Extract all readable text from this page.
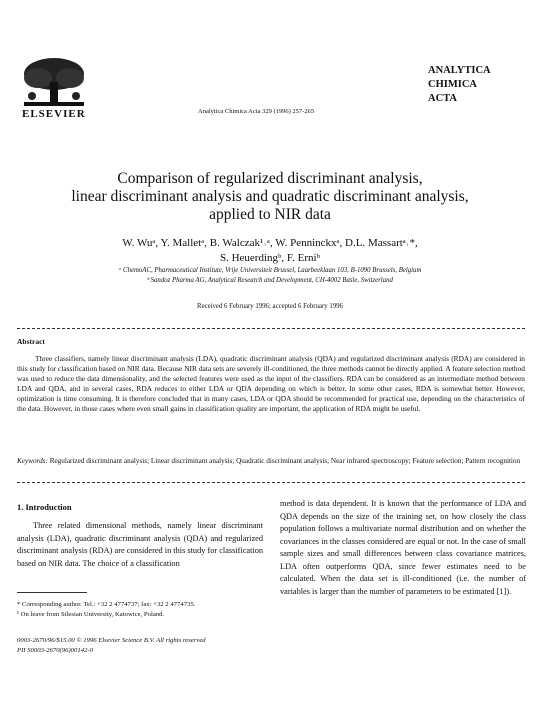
ELSEVIER	Analytica Chimica Acta 329 (1996) 257-265
ANALYTICA
CHIMICA
ACTA
Comparison of regularized discriminant analysis,
linear discriminant analysis and quadratic discriminant analysis,
applied to NIR data
W. Wuᵃ, Y. Malletᵃ, B. Walczak¹˒ᵃ, W. Penninckxᵃ, D.L. Massartᵃ˒*,
S. Heuerdingᵇ, F. Erniᵇ
ᵃ ChemoAC, Pharmaceutical Institute, Vrije Universiteit Brussel, Laarbeeklaan 103, B-1090 Brussels, Belgium
ᵇ Sandoz Pharma AG, Analytical Research and Development, CH-4002 Basle, Switzerland
Received 6 February 1996; accepted 6 February 1996
Abstract
Three classifiers, namely linear discriminant analysis (LDA), quadratic discriminant analysis (QDA) and regularized discriminant analysis (RDA) are considered in this study for classification based on NIR data. Because NIR data sets are severely ill-conditioned, the three methods cannot be directly applied. A feature selection method was used to reduce the data dimensionality, and the selected features were used as the input of the classifiers. RDA can be considered as an intermediate method between LDA and QDA, and in several cases, RDA reduces to either LDA or QDA depending on which is better. In some other cases, RDA is somewhat better. However, optimization is time consuming. It is therefore concluded that in many cases, LDA or QDA should be recommended for practical use, depending on the characteristics of the data. However, in those cases where even small gains in classification quality are important, the application of RDA might be useful.
Keywords: Regularized discriminant analysis; Linear discriminant analysis; Quadratic discriminant analysis; Near infrared spectroscopy; Feature selection; Pattern recognition
1. Introduction
Three related dimensional methods, namely linear discriminant analysis (LDA), quadratic discriminant analysis (QDA) and regularized discriminant analysis (RDA) are considered in this study for classification based on NIR data. The choice of a classification
method is data dependent. It is known that the performance of LDA and QDA depends on the size of the training set, on how closely the class population follows a multivariate normal distribution and on whether the covariances in the classes considered are equal or not. In the case of small sample sizes and small differences between class covariance matrices, LDA often outperforms QDA, since fewer estimates need to be calculated. When the data set is ill-conditioned (i.e. the number of variables is larger than the number of parameters to be estimated [1]).
* Corresponding author. Tel.: +32 2 4774737; fax: +32 2 4774735.
¹ On leave from Silesian University, Katowice, Poland.
0003-2670/96/$15.00 © 1996 Elsevier Science B.V. All rights reserved
PII S0003-2670(96)00142-0
